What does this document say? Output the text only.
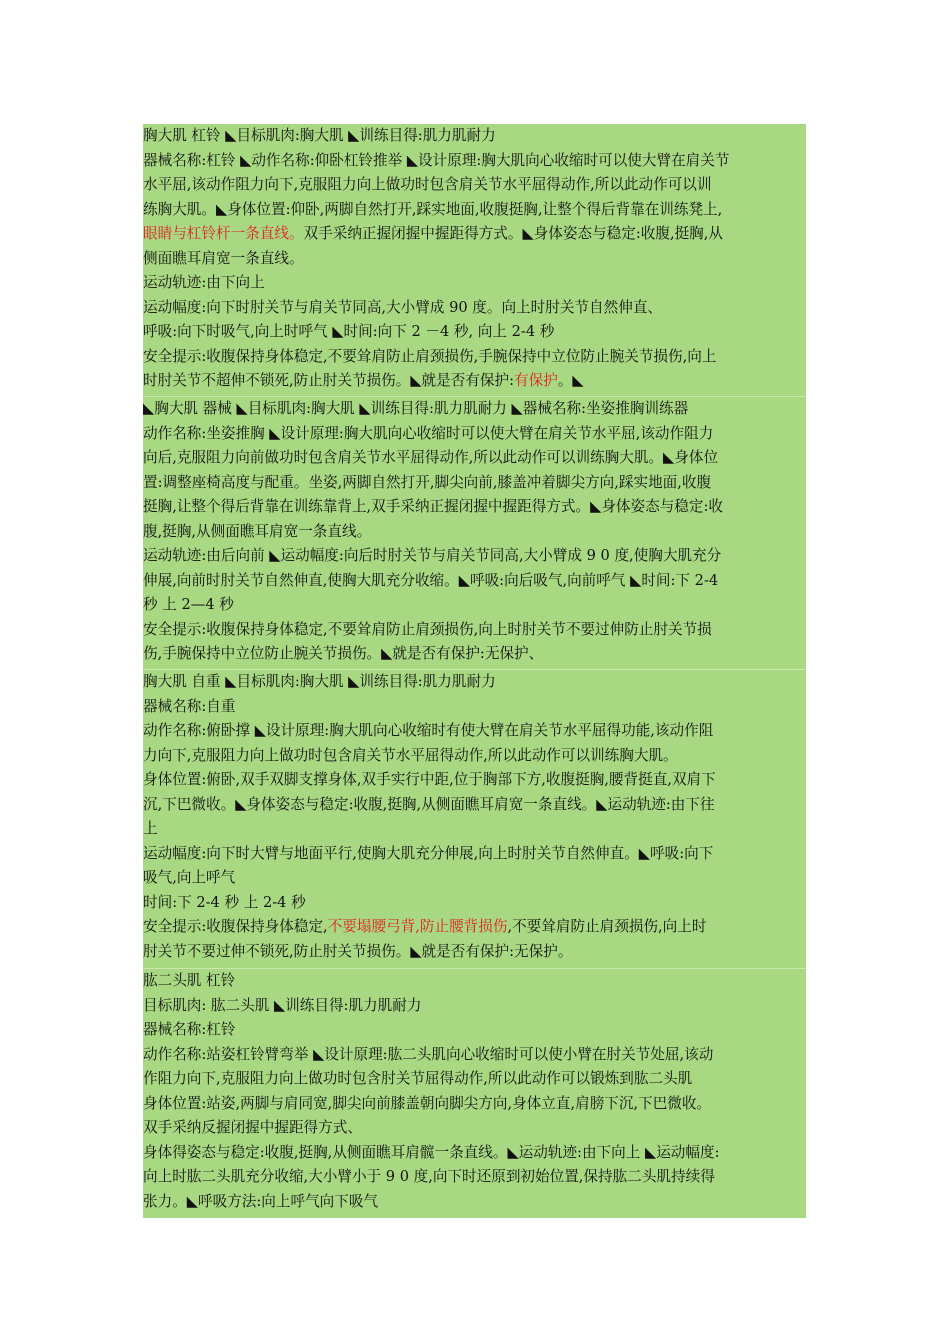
胸大肌 杠铃 ◣目标肌肉:胸大肌 ◣训练目得:肌力肌耐力
器械名称:杠铃 ◣动作名称:仰卧杠铃推举 ◣设计原理:胸大肌向心收缩时可以使大臂在肩关节
水平屈,该动作阻力向下,克服阻力向上做功时包含肩关节水平屈得动作,所以此动作可以训
练胸大肌。◣身体位置:仰卧,两脚自然打开,踩实地面,收腹挺胸,让整个得后背靠在训练凳上,
眼睛与杠铃杆一条直线。双手采纳正握闭握中握距得方式。◣身体姿态与稳定:收腹,挺胸,从
侧面瞧耳肩宽一条直线。
运动轨迹:由下向上
运动幅度:向下时肘关节与肩关节同高,大小臂成 90 度。向上时肘关节自然伸直、
呼吸:向下时吸气,向上时呼气 ◣时间:向下 2 －4 秒, 向上 2-4 秒
安全提示:收腹保持身体稳定,不要耸肩防止肩颈损伤,手腕保持中立位防止腕关节损伤,向上
时肘关节不超伸不锁死,防止肘关节损伤。◣就是否有保护:有保护。◣
◣胸大肌 器械 ◣目标肌肉:胸大肌 ◣训练目得:肌力肌耐力 ◣器械名称:坐姿推胸训练器
动作名称:坐姿推胸 ◣设计原理:胸大肌向心收缩时可以使大臂在肩关节水平屈,该动作阻力
向后,克服阻力向前做功时包含肩关节水平屈得动作,所以此动作可以训练胸大肌。◣身体位
置:调整座椅高度与配重。坐姿,两脚自然打开,脚尖向前,膝盖冲着脚尖方向,踩实地面,收腹
挺胸,让整个得后背靠在训练靠背上,双手采纳正握闭握中握距得方式。◣身体姿态与稳定:收
腹,挺胸,从侧面瞧耳肩宽一条直线。
运动轨迹:由后向前 ◣运动幅度:向后时肘关节与肩关节同高,大小臂成 9 0 度,使胸大肌充分
伸展,向前时肘关节自然伸直,使胸大肌充分收缩。◣呼吸:向后吸气,向前呼气 ◣时间:下 2-4
秒 上 2—4 秒
安全提示:收腹保持身体稳定,不要耸肩防止肩颈损伤,向上时肘关节不要过伸防止肘关节损
伤,手腕保持中立位防止腕关节损伤。◣就是否有保护:无保护、
胸大肌 自重 ◣目标肌肉:胸大肌 ◣训练目得:肌力肌耐力
器械名称:自重
动作名称:俯卧撑 ◣设计原理:胸大肌向心收缩时有使大臂在肩关节水平屈得功能,该动作阻
力向下,克服阻力向上做功时包含肩关节水平屈得动作,所以此动作可以训练胸大肌。
身体位置:俯卧,双手双脚支撑身体,双手实行中距,位于胸部下方,收腹挺胸,腰背挺直,双肩下
沉,下巴微收。◣身体姿态与稳定:收腹,挺胸,从侧面瞧耳肩宽一条直线。◣运动轨迹:由下往
上
运动幅度:向下时大臂与地面平行,使胸大肌充分伸展,向上时肘关节自然伸直。◣呼吸:向下
吸气,向上呼气
时间:下 2-4 秒 上 2-4 秒
安全提示:收腹保持身体稳定,不要塌腰弓背,防止腰背损伤,不要耸肩防止肩颈损伤,向上时
肘关节不要过伸不锁死,防止肘关节损伤。◣就是否有保护:无保护。
肱二头肌 杠铃
目标肌肉: 肱二头肌 ◣训练目得:肌力肌耐力
器械名称:杠铃
动作名称:站姿杠铃臂弯举 ◣设计原理:肱二头肌向心收缩时可以使小臂在肘关节处屈,该动
作阻力向下,克服阻力向上做功时包含肘关节屈得动作,所以此动作可以锻炼到肱二头肌
身体位置:站姿,两脚与肩同宽,脚尖向前膝盖朝向脚尖方向,身体立直,肩膀下沉,下巴微收。
双手采纳反握闭握中握距得方式、
身体得姿态与稳定:收腹,挺胸,从侧面瞧耳肩髋一条直线。◣运动轨迹:由下向上 ◣运动幅度:
向上时肱二头肌充分收缩,大小臂小于 9 0 度,向下时还原到初始位置,保持肱二头肌持续得
张力。◣呼吸方法:向上呼气向下吸气
